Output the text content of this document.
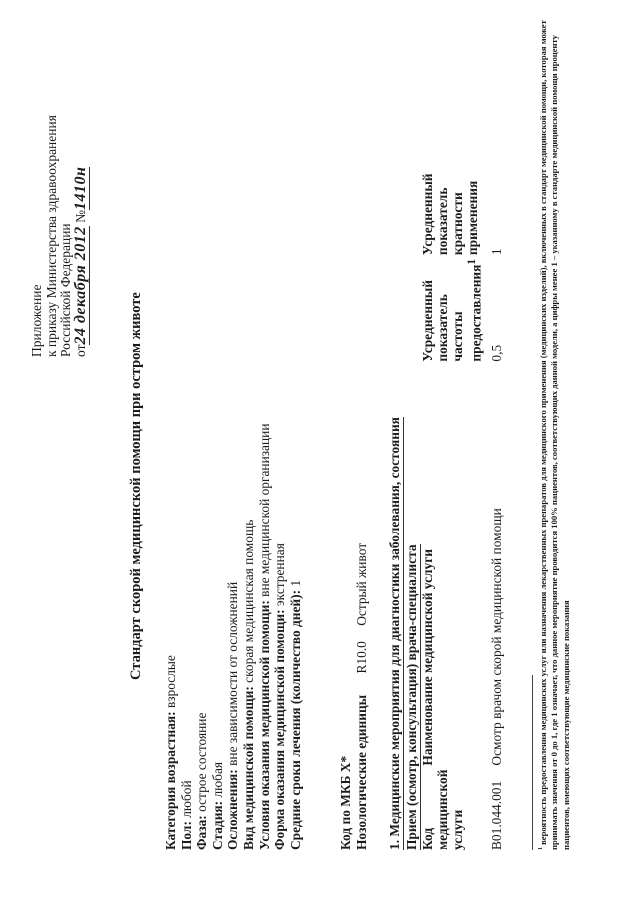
Приложение к приказу Министерства здравоохранения Российской Федерации от24 декабря 2012 №1410н
Стандарт скорой медицинской помощи при остром животе
Категория возрастная: взрослые
Пол: любой
Фаза: острое состояние
Стадия: любая Осложнения: вне зависимости от осложнений Вид медицинской помощи: скорая медицинская помощь Условия оказания медицинской помощи: вне медицинской организации
Форма оказания медицинской помощи: экстренная
Средние сроки лечения (количество дней): 1
Код по МКБ X* Нозологические единицы R10.0 Острый живот 1. Медицинские мероприятия для диагностики заболевания, состояния Прием (осмотр, консультация) врача-специалиста Код медицинской услуги	Наименование медицинской услуги	Усредненный показатель частоты предоставления$^1$	Усредненный показатель кратности применения
B01.044.001	Осмотр врачом скорой медицинской помощи	0,5	1
$^1$ вероятность предоставления медицинских услуг или назначения лекарственных препаратов для медицинского применения (медицинских изделий), включенных в стандарт медицинской помощи, которая может принимать значения от 0 до 1, где 1 означает, что данное мероприятие проводится 100% пациентов, соответствующих данной модели, а цифры менее 1 – указанному в стандарте медицинской помощи проценту пациентов, имеющих соответствующие медицинские показания
